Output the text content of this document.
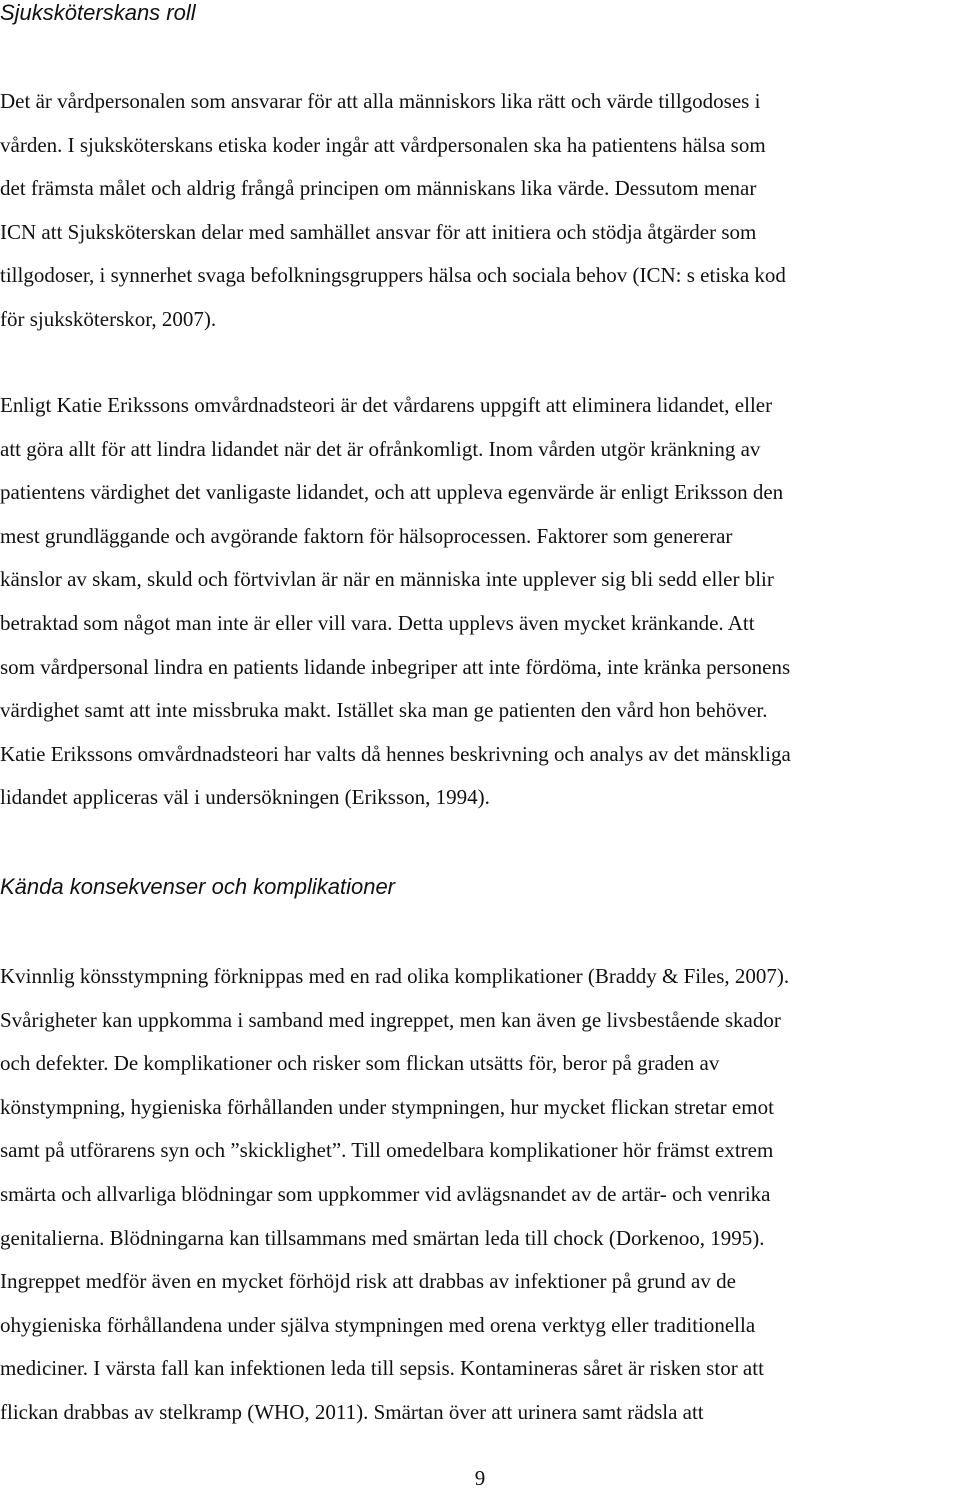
Sjuksköterskans roll

Det är vårdpersonalen som ansvarar för att alla människors lika rätt och värde tillgodoses i
vården. I sjuksköterskans etiska koder ingår att vårdpersonalen ska ha patientens hälsa som
det främsta målet och aldrig frångå principen om människans lika värde. Dessutom menar
ICN att Sjuksköterskan delar med samhället ansvar för att initiera och stödja åtgärder som
tillgodoser, i synnerhet svaga befolkningsgruppers hälsa och sociala behov (ICN: s etiska kod
för sjuksköterskor, 2007).

Enligt Katie Erikssons omvårdnadsteori är det vårdarens uppgift att eliminera lidandet, eller
att göra allt för att lindra lidandet när det är ofrånkomligt. Inom vården utgör kränkning av
patientens värdighet det vanligaste lidandet, och att uppleva egenvärde är enligt Eriksson den
mest grundläggande och avgörande faktorn för hälsoprocessen. Faktorer som genererar
känslor av skam, skuld och förtvivlan är när en människa inte upplever sig bli sedd eller blir
betraktad som något man inte är eller vill vara. Detta upplevs även mycket kränkande. Att
som vårdpersonal lindra en patients lidande inbegriper att inte fördöma, inte kränka personens
värdighet samt att inte missbruka makt. Istället ska man ge patienten den vård hon behöver.
Katie Erikssons omvårdnadsteori har valts då hennes beskrivning och analys av det mänskliga
lidandet appliceras väl i undersökningen (Eriksson, 1994).

Kända konsekvenser och komplikationer

Kvinnlig könsstympning förknippas med en rad olika komplikationer (Braddy & Files, 2007).
Svårigheter kan uppkomma i samband med ingreppet, men kan även ge livsbestående skador
och defekter. De komplikationer och risker som flickan utsätts för, beror på graden av
könstympning, hygieniska förhållanden under stympningen, hur mycket flickan stretar emot
samt på utförarens syn och ”skicklighet”. Till omedelbara komplikationer hör främst extrem
smärta och allvarliga blödningar som uppkommer vid avlägsnandet av de artär- och venrika
genitalierna. Blödningarna kan tillsammans med smärtan leda till chock (Dorkenoo, 1995).
Ingreppet medför även en mycket förhöjd risk att drabbas av infektioner på grund av de
ohygieniska förhållandena under själva stympningen med orena verktyg eller traditionella
mediciner. I värsta fall kan infektionen leda till sepsis. Kontamineras såret är risken stor att
flickan drabbas av stelkramp (WHO, 2011). Smärtan över att urinera samt rädsla att

9
